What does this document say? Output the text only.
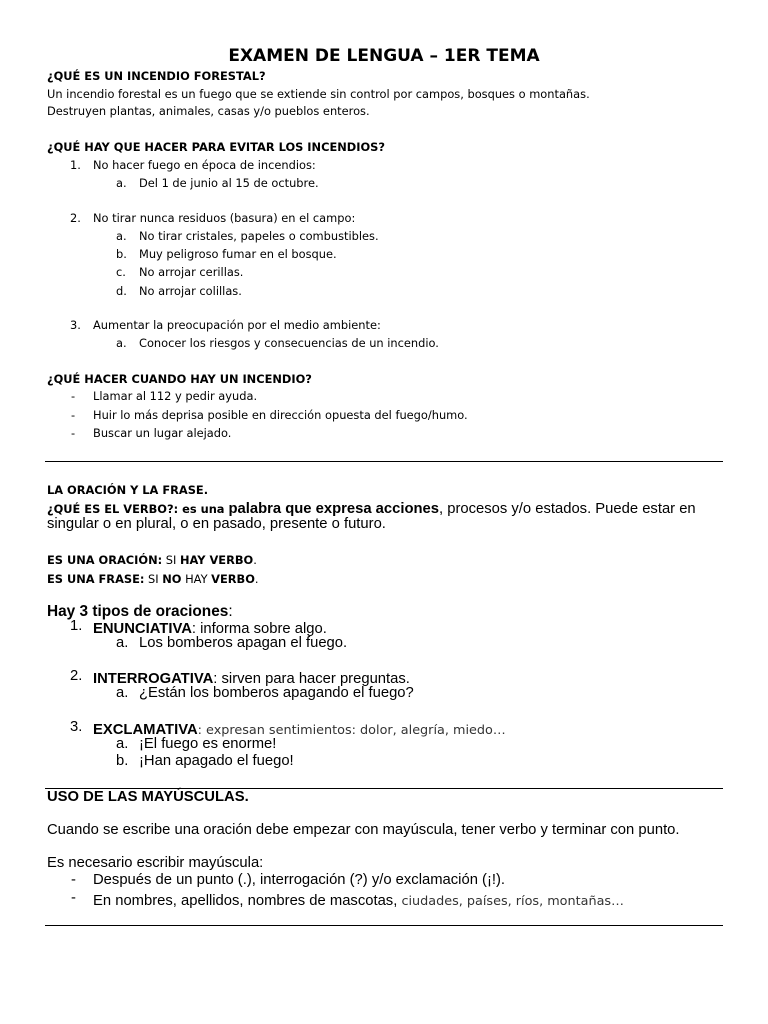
EXAMEN DE LENGUA – 1ER TEMA
¿QUÉ ES UN INCENDIO FORESTAL?
Un incendio forestal es un fuego que se extiende sin control por campos, bosques o montañas.
Destruyen plantas, animales, casas y/o pueblos enteros.
¿QUÉ HAY QUE HACER PARA EVITAR LOS INCENDIOS?
1. No hacer fuego en época de incendios:
a. Del 1 de junio al 15 de octubre.
2. No tirar nunca residuos (basura) en el campo:
a. No tirar cristales, papeles o combustibles.
b. Muy peligroso fumar en el bosque.
c. No arrojar cerillas.
d. No arrojar colillas.
3. Aumentar la preocupación por el medio ambiente:
a. Conocer los riesgos y consecuencias de un incendio.
¿QUÉ HACER CUANDO HAY UN INCENDIO?
- Llamar al 112 y pedir ayuda.
- Huir lo más deprisa posible en dirección opuesta del fuego/humo.
- Buscar un lugar alejado.
LA ORACIÓN Y LA FRASE.
¿QUÉ ES EL VERBO?: es una palabra que expresa acciones, procesos y/o estados. Puede estar en
singular o en plural, o en pasado, presente o futuro.
ES UNA ORACIÓN: SI HAY VERBO.
ES UNA FRASE: SI NO HAY VERBO.
Hay 3 tipos de oraciones:
1. ENUNCIATIVA: informa sobre algo.
a. Los bomberos apagan el fuego.
2. INTERROGATIVA: sirven para hacer preguntas.
a. ¿Están los bomberos apagando el fuego?
3. EXCLAMATIVA: expresan sentimientos: dolor, alegría, miedo…
a. ¡El fuego es enorme!
b. ¡Han apagado el fuego!
USO DE LAS MAYÚSCULAS.
Cuando se escribe una oración debe empezar con mayúscula, tener verbo y terminar con punto.
Es necesario escribir mayúscula:
- Después de un punto (.), interrogación (?) y/o exclamación (¡!).
- En nombres, apellidos, nombres de mascotas, ciudades, países, ríos, montañas…
